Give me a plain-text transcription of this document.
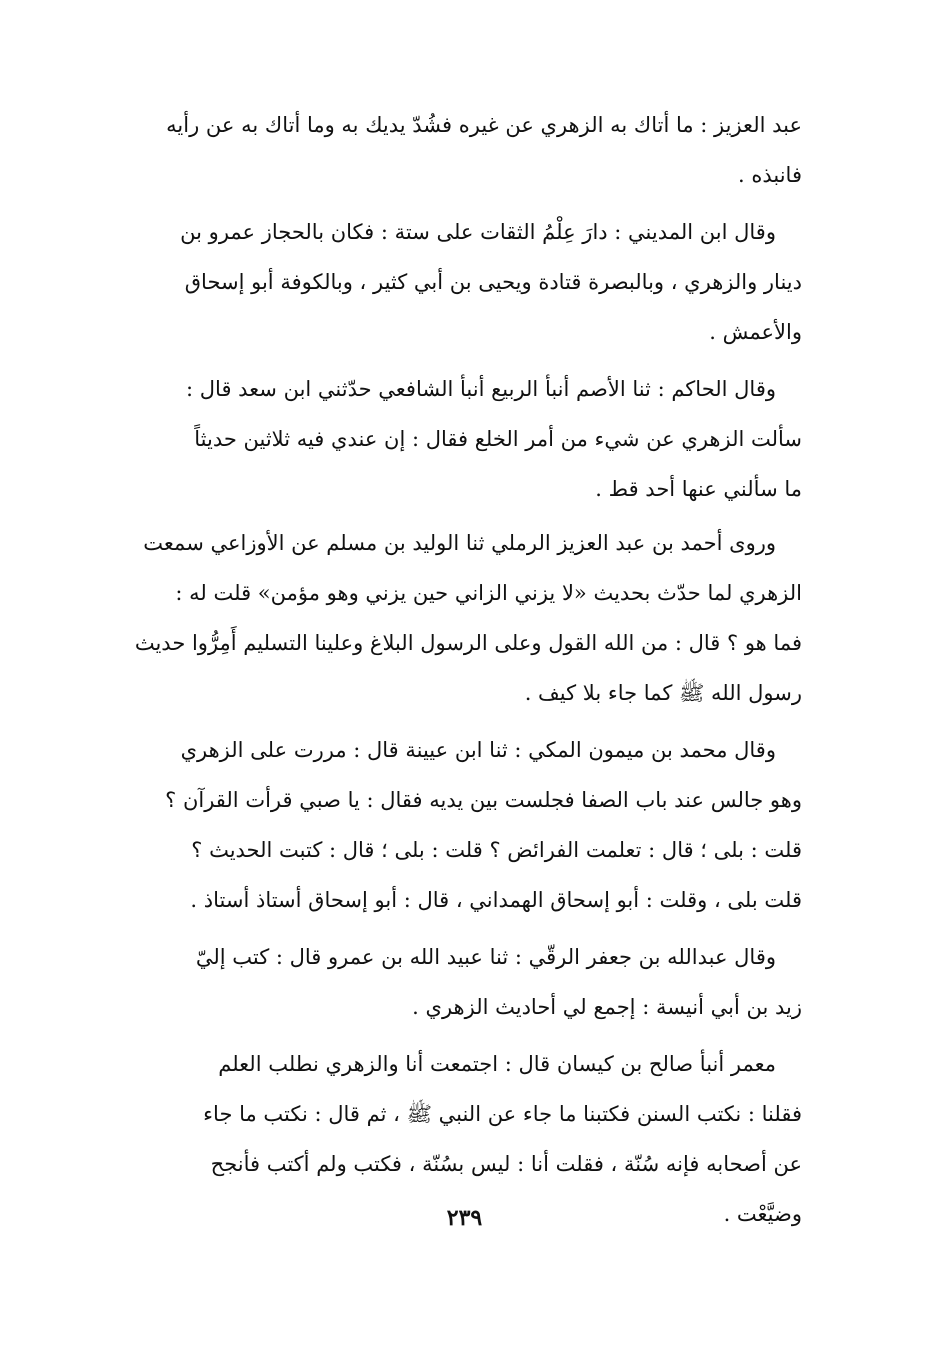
عبد العزيز : ما أتاك به الزهري عن غيره فشُدّ يديك به وما أتاك به عن رأيه
فانبذه .
وقال ابن المديني : دارَ عِلْمُ الثقات على ستة : فكان بالحجاز عمرو بن
دينار والزهري ، وبالبصرة قتادة ويحيى بن أبي كثير ، وبالكوفة أبو إسحاق
والأعمش .
وقال الحاكم : ثنا الأصم أنبأ الربيع أنبأ الشافعي حدّثني ابن سعد قال :
سألت الزهري عن شيء من أمر الخلع فقال : إن عندي فيه ثلاثين حديثاً
ما سألني عنها أحد قط .
وروى أحمد بن عبد العزيز الرملي ثنا الوليد بن مسلم عن الأوزاعي سمعت
الزهري لما حدّث بحديث «لا يزني الزاني حين يزني وهو مؤمن» قلت له :
فما هو ؟ قال : من الله القول وعلى الرسول البلاغ وعلينا التسليم أَمِرُّوا حديث
رسول الله ﷺ كما جاء بلا كيف .
وقال محمد بن ميمون المكي : ثنا ابن عيينة قال : مررت على الزهري
وهو جالس عند باب الصفا فجلست بين يديه فقال : يا صبي قرأت القرآن ؟
قلت : بلى ؛ قال : تعلمت الفرائض ؟ قلت : بلى ؛ قال : كتبت الحديث ؟
قلت بلى ، وقلت : أبو إسحاق الهمداني ، قال : أبو إسحاق أستاذ أستاذ .
وقال عبدالله بن جعفر الرقّي : ثنا عبيد الله بن عمرو قال : كتب إليّ
زيد بن أبي أنيسة : إجمع لي أحاديث الزهري .
معمر أنبأ صالح بن كيسان قال : اجتمعت أنا والزهري نطلب العلم
فقلنا : نكتب السنن فكتبنا ما جاء عن النبي ﷺ ، ثم قال : نكتب ما جاء
عن أصحابه فإنه سُنّة ، فقلت أنا : ليس بسُنّة ، فكتب ولم أكتب فأنجح
وضيَّعْت .
٢٣٩
